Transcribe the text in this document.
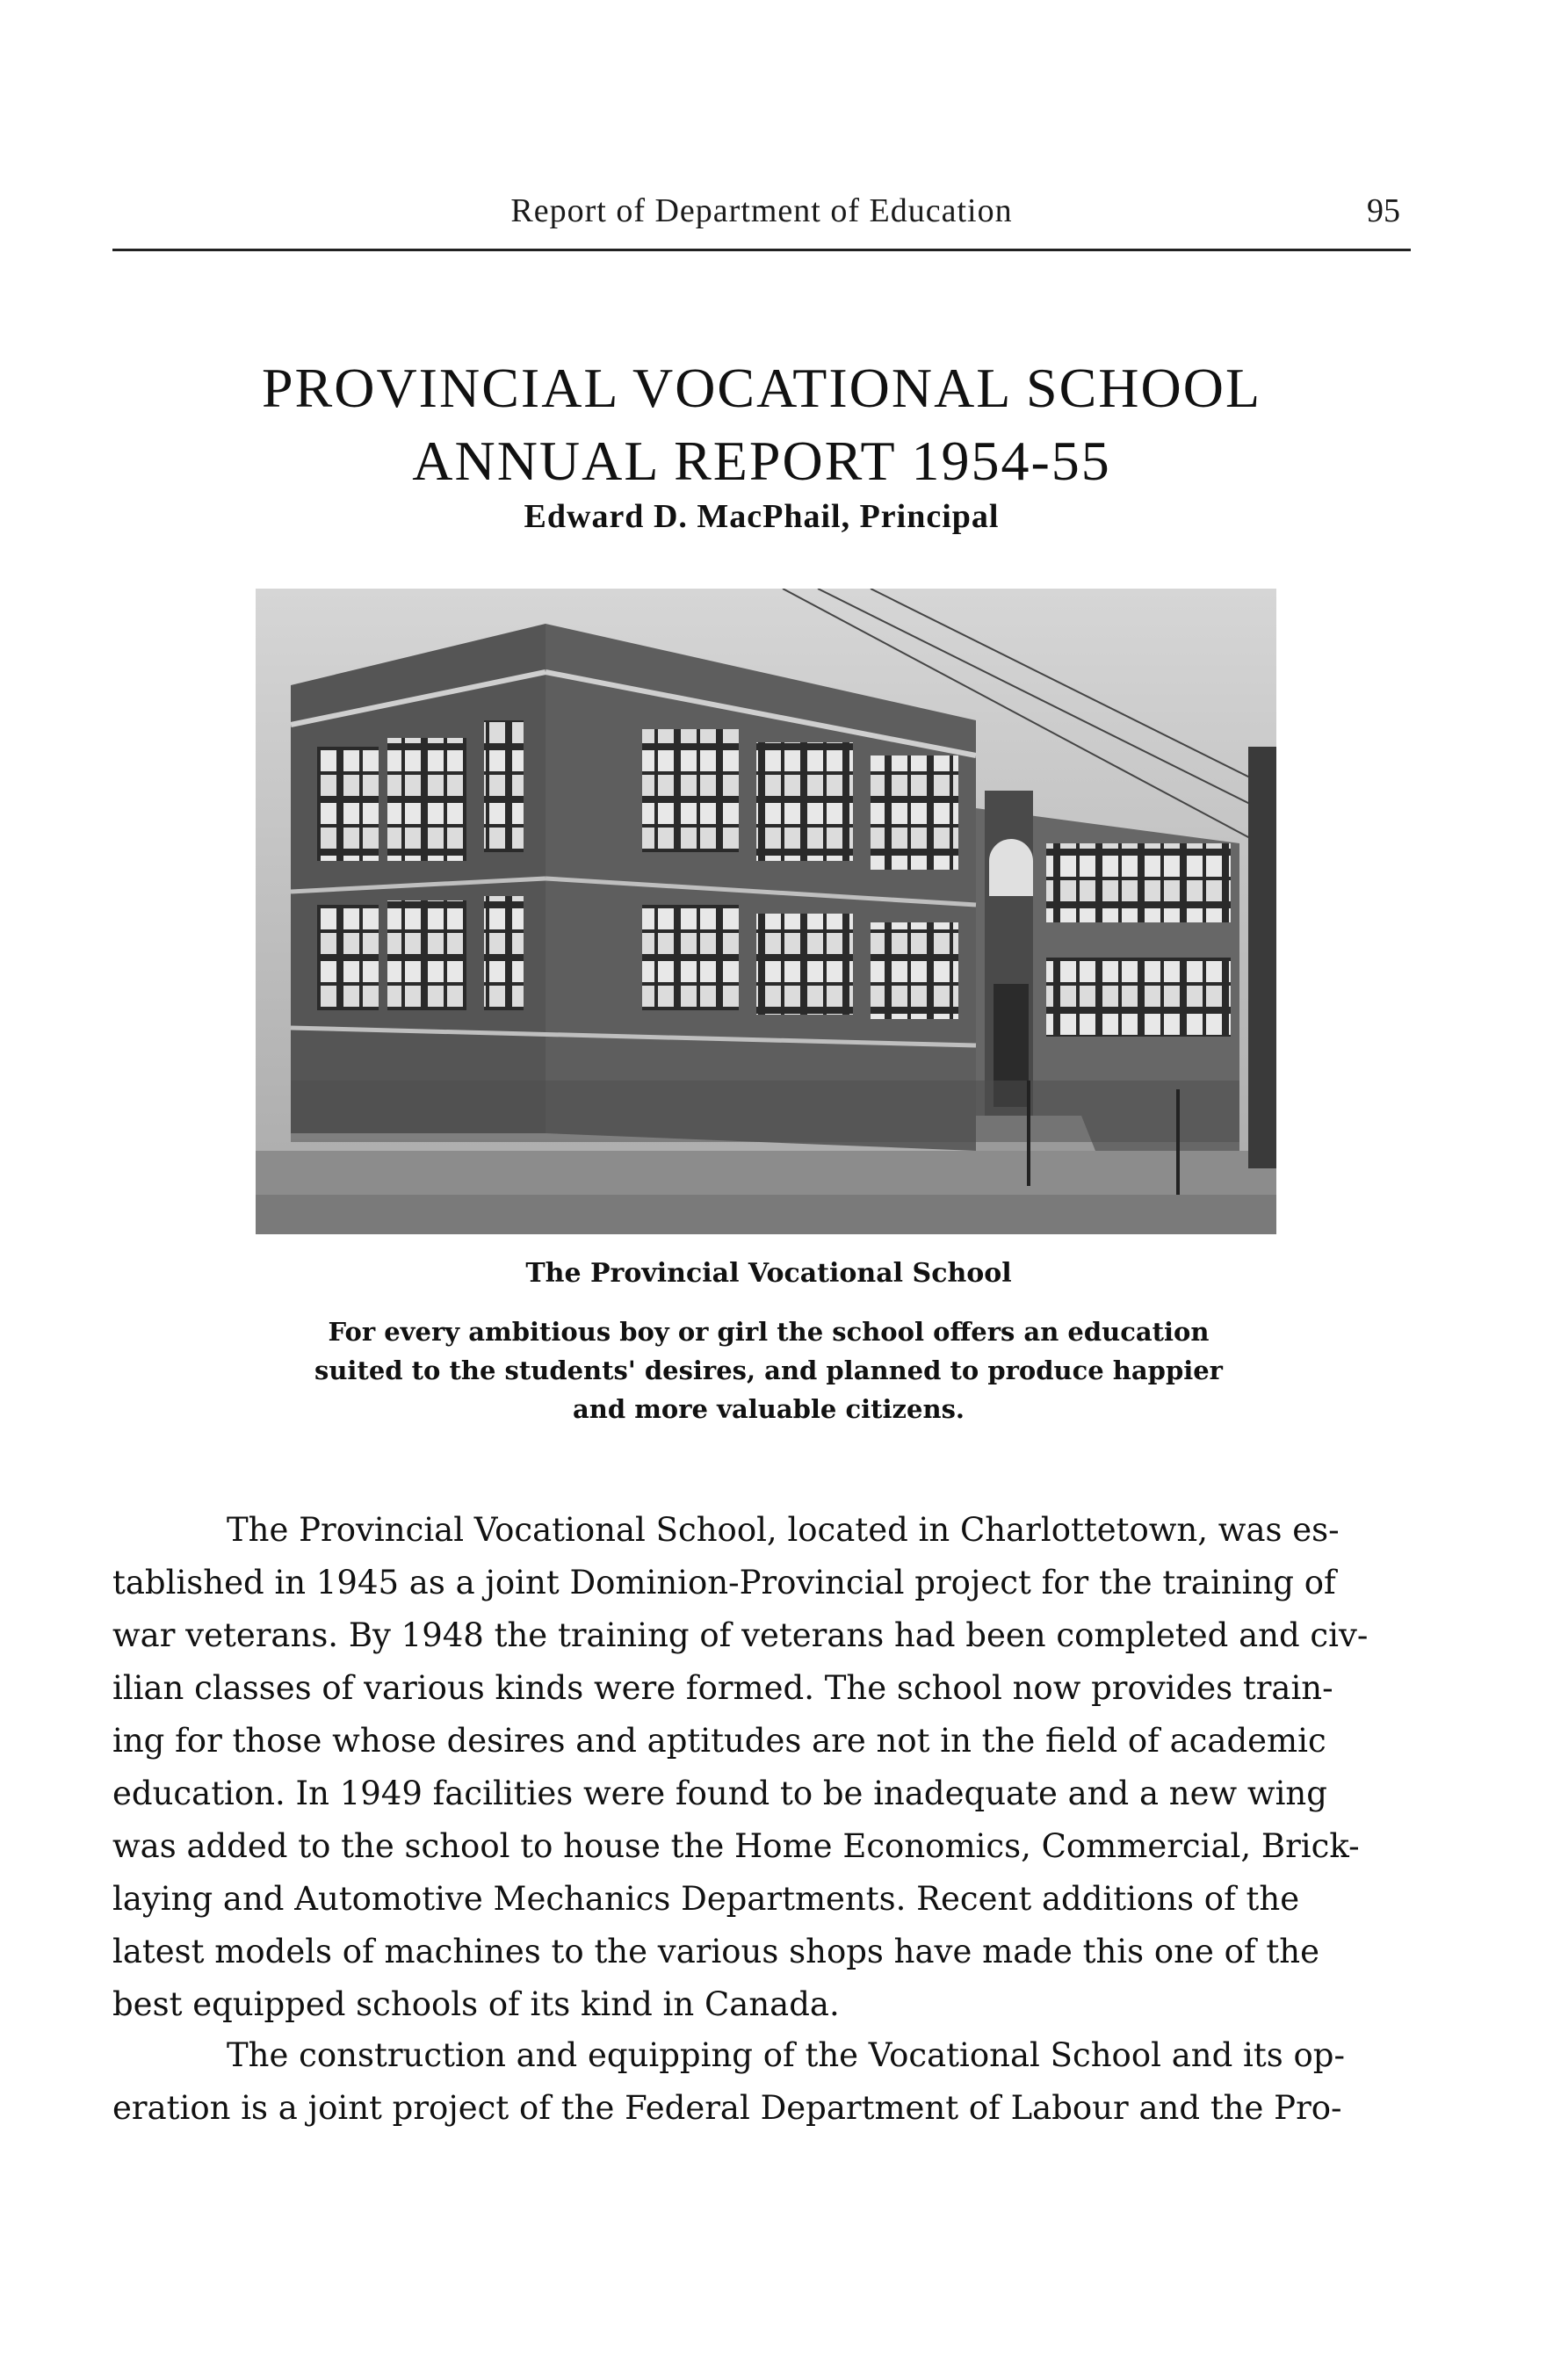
Report of Department of Education	95
PROVINCIAL VOCATIONAL SCHOOL
ANNUAL REPORT 1954-55
Edward D. MacPhail, Principal
The Provincial Vocational School
For every ambitious boy or girl the school offers an education
suited to the students' desires, and planned to produce happier
and more valuable citizens.
The Provincial Vocational School, located in Charlottetown, was es-
tablished in 1945 as a joint Dominion-Provincial project for the training of
war veterans. By 1948 the training of veterans had been completed and civ-
ilian classes of various kinds were formed. The school now provides train-
ing for those whose desires and aptitudes are not in the field of academic
education. In 1949 facilities were found to be inadequate and a new wing
was added to the school to house the Home Economics, Commercial, Brick-
laying and Automotive Mechanics Departments. Recent additions of the
latest models of machines to the various shops have made this one of the
best equipped schools of its kind in Canada.
The construction and equipping of the Vocational School and its op-
eration is a joint project of the Federal Department of Labour and the Pro-
